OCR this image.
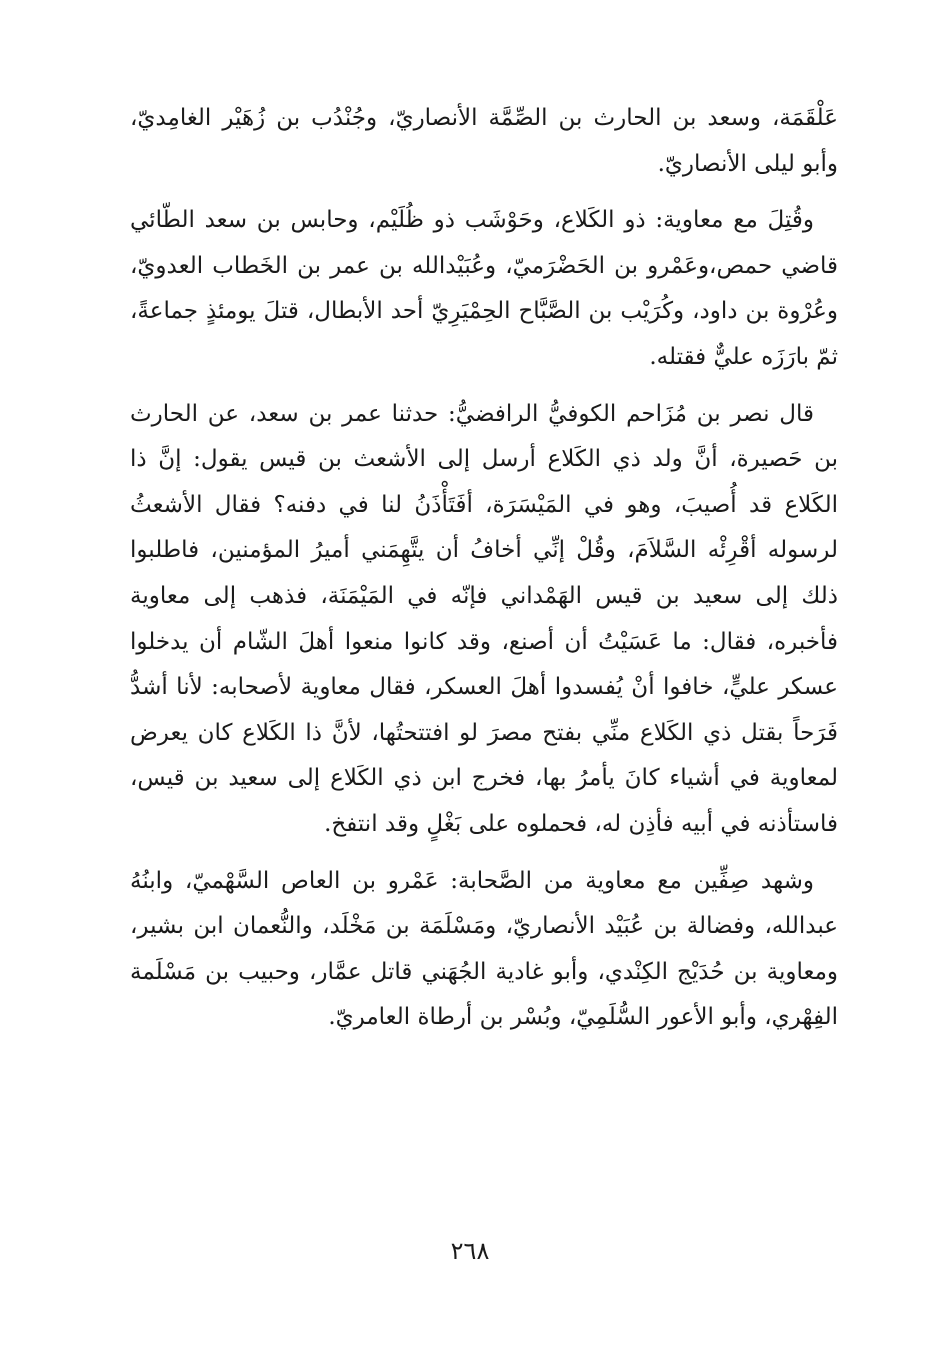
عَلْقَمَة، وسعد بن الحارث بن الصِّمَّة الأنصاريّ، وجُنْدُب بن زُهَيْر الغامِديّ، وأبو ليلى الأنصاريّ.

وقُتِلَ مع معاوية: ذو الكَلاع، وحَوْشَب ذو ظُلَيْم، وحابس بن سعد الطّائي قاضي حمص،وعَمْرو بن الحَضْرَميّ، وعُبَيْدالله بن عمر بن الخَطاب العدويّ، وعُرْوة بن داود، وكُرَيْب بن الصَّبَّاح الحِمْيَرِيّ أحد الأبطال، قتلَ يومئذٍ جماعةً، ثمّ بارَزَه عليٌّ فقتله.

قال نصر بن مُزَاحم الكوفيُّ الرافضيُّ: حدثنا عمر بن سعد، عن الحارث بن حَصيرة، أنَّ ولد ذي الكَلاع أرسل إلى الأشعث بن قيس يقول: إنَّ ذا الكَلاع قد أُصيبَ، وهو في المَيْسَرَة، أفَتَأْذَنُ لنا في دفنه؟ فقال الأشعثُ لرسوله أقْرِئْه السَّلاَمَ، وقُلْ إنِّي أخافُ أن يتَّهِمَني أميرُ المؤمنين، فاطلبوا ذلك إلى سعيد بن قيس الهَمْداني فإنّه في المَيْمَنَة، فذهب إلى معاوية فأخبره، فقال: ما عَسَيْتُ أن أصنع، وقد كانوا منعوا أهلَ الشّام أن يدخلوا عسكر عليٍّ، خافوا أنْ يُفسدوا أهلَ العسكر، فقال معاوية لأصحابه: لأنا أشدُّ فَرَحاً بقتل ذي الكَلاع منِّي بفتح مصرَ لو افتتحتُها، لأنَّ ذا الكَلاع كان يعرض لمعاوية في أشياء كانَ يأمرُ بها، فخرج ابن ذي الكَلاع إلى سعيد بن قيس، فاستأذنه في أبيه فأذِن له، فحملوه على بَغْلٍ وقد انتفخ.

وشهد صِفِّين مع معاوية من الصَّحابة: عَمْرو بن العاص السَّهْميّ، وابنُهُ عبدالله، وفضالة بن عُبَيْد الأنصاريّ، ومَسْلَمَة بن مَخْلَد، والنُّعمان ابن بشير، ومعاوية بن حُدَيْج الكِنْدي، وأبو غادية الجُهَني قاتل عمَّار، وحبيب بن مَسْلَمة الفِهْري، وأبو الأعور السُّلَمِيّ، وبُسْر بن أرطاة العامريّ.

٢٦٨
